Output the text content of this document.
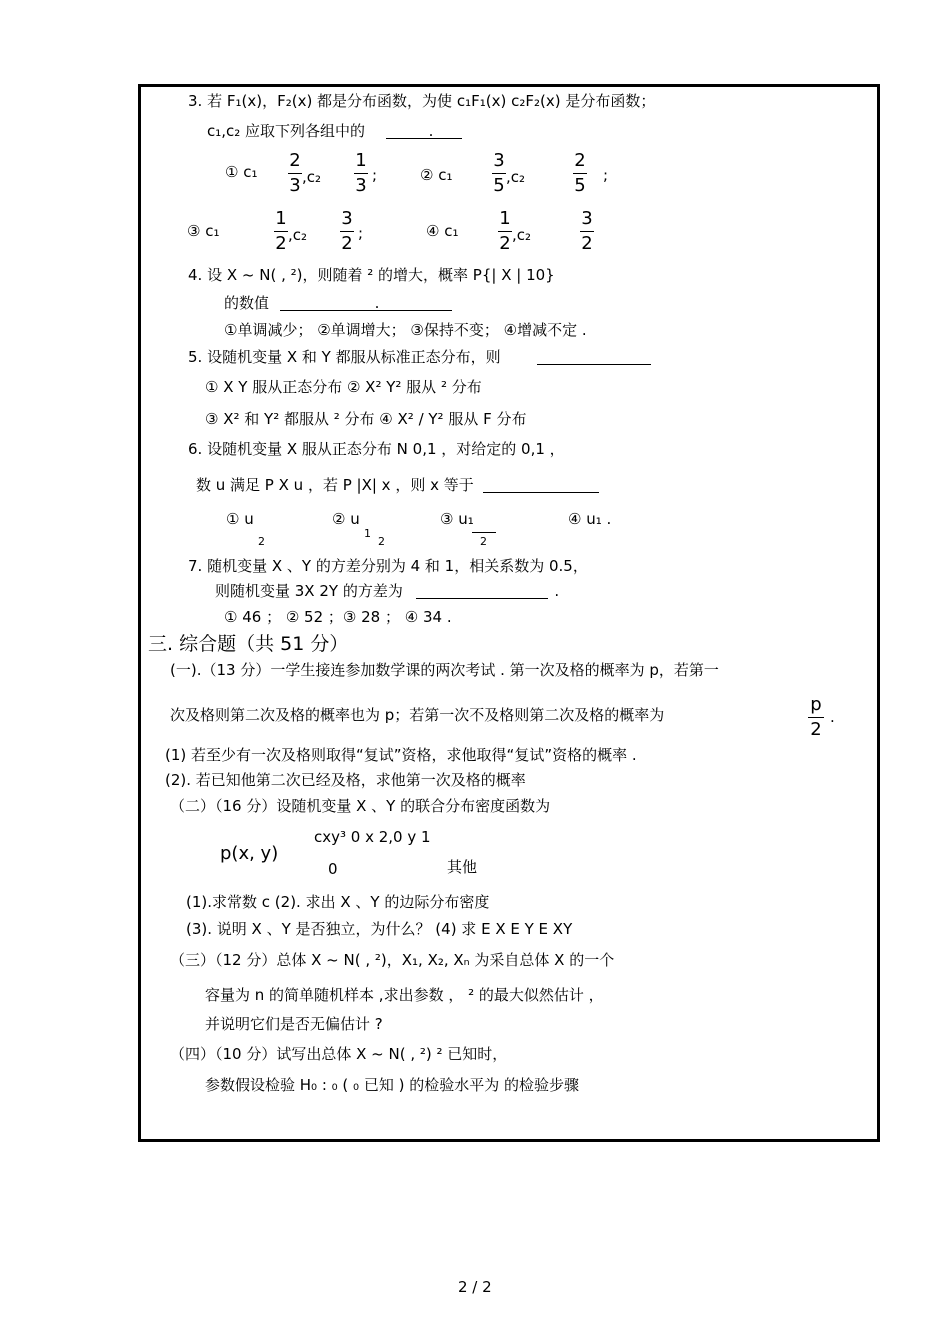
3. 若 F₁(x)，F₂(x) 都是分布函数，为使 c₁F₁(x) c₂F₂(x) 是分布函数；
c₁,c₂ 应取下列各组中的	.
① c₁
2
3 ,c₂
1
3 ;	② c₁
3
5 ,c₂
2
5 ;
③ c₁
1
2 ,c₂
3
2 ;	④ c₁
1
2 ,c₂
3
2
4. 设 X ~ N( , ²)，则随着 ² 的增大，概率 P{| X | 10}
的数值	.
①单调减少； ②单调增大； ③保持不变； ④增减不定 .
5. 设随机变量 X 和 Y 都服从标准正态分布，则
① X Y 服从正态分布 ② X² Y² 服从 ² 分布
③ X² 和 Y² 都服从 ² 分布 ④ X² / Y² 服从 F 分布
6. 设随机变量 X 服从正态分布 N 0,1 ，对给定的 0,1 ，
数 u 满足 P X u ，若 P |X| x ，则 x 等于
① u
2
② u
1
2
③ u₁
2
④ u₁ .
7. 随机变量 X 、Y 的方差分别为 4 和 1，相关系数为 0.5，
则随机变量 3X 2Y 的方差为	.
① 46 ； ② 52 ；③ 28 ； ④ 34 .
三. 综合题（共 51 分）
(一).（13 分）一学生接连参加数学课的两次考试 . 第一次及格的概率为 p，若第一
次及格则第二次及格的概率也为 p；若第一次不及格则第二次及格的概率为	p
2
.
(1) 若至少有一次及格则取得“复试”资格，求他取得“复试”资格的概率 .
(2). 若已知他第二次已经及格，求他第一次及格的概率
（二）（16 分）设随机变量 X 、Y 的联合分布密度函数为
p(x, y)
cxy³ 0 x 2,0 y 1
0	其他
(1).求常数 c (2). 求出 X 、Y 的边际分布密度
(3). 说明 X 、Y 是否独立，为什么？ (4) 求 E X E Y E XY
（三）（12 分）总体 X ~ N( , ²)，X₁, X₂, Xₙ 为采自总体 X 的一个
容量为 n 的简单随机样本 ,求出参数 ， ² 的最大似然估计 ，
并说明它们是否无偏估计 ?
（四）（10 分）试写出总体 X ~ N( , ²) ² 已知时，
参数假设检验 H₀ : ₀ ( ₀ 已知 ) 的检验水平为 的检验步骤
2 / 2
